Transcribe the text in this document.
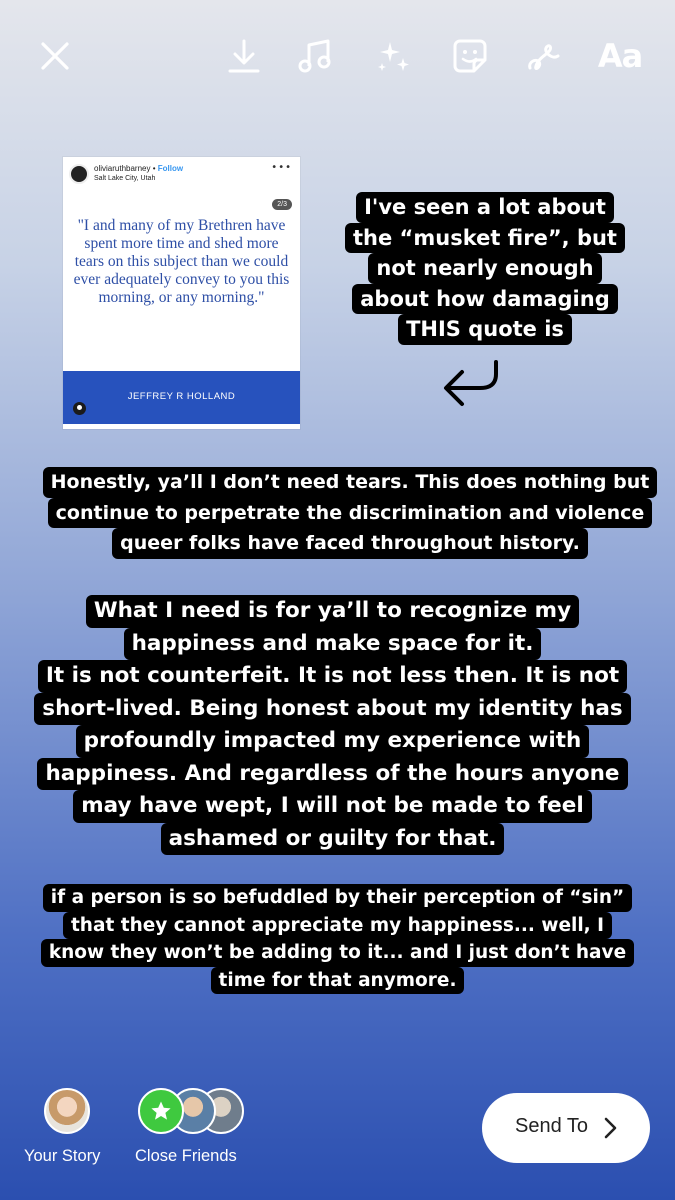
Aa
oliviaruthbarney • Follow
Salt Lake City, Utah
•••
2/3
"I and many of my Brethren have spent more time and shed more tears on this subject than we could ever adequately convey to you this morning, or any morning."
JEFFREY R HOLLAND
I've seen a lot about
the “musket fire”, but
not nearly enough
about how damaging
THIS quote is
Honestly, ya’ll I don’t need tears. This does nothing but
continue to perpetrate the discrimination and violence
queer folks have faced throughout history.
What I need is for ya’ll to recognize my
happiness and make space for it.
It is not counterfeit. It is not less then. It is not
short-lived. Being honest about my identity has
profoundly impacted my experience with
happiness. And regardless of the hours anyone
may have wept, I will not be made to feel
ashamed or guilty for that.
if a person is so befuddled by their perception of “sin”
that they cannot appreciate my happiness... well, I
know they won’t be adding to it... and I just don’t have
time for that anymore.
Your Story Close Friends
Send To
